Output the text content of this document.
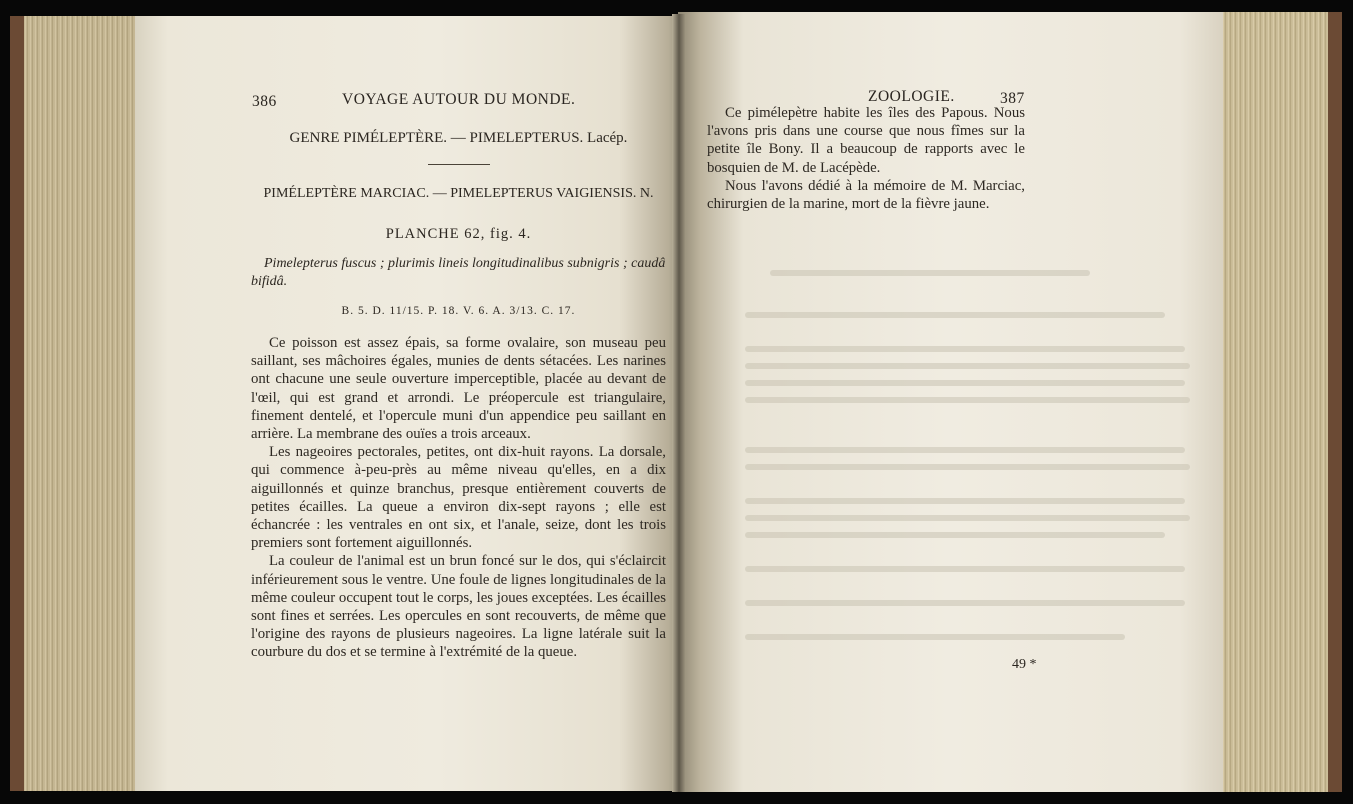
386	VOYAGE AUTOUR DU MONDE.
GENRE PIMÉLEPTÈRE. — PIMELEPTERUS. Lacép.
PIMÉLEPTÈRE MARCIAC. — PIMELEPTERUS VAIGIENSIS. N.
PLANCHE 62, fig. 4.
Pimelepterus fuscus ; plurimis lineis longitudinalibus subnigris ; caudâ
bifidâ.
B. 5. D. 11/15. P. 18. V. 6. A. 3/13. C. 17.

Ce poisson est assez épais, sa forme ovalaire, son museau peu saillant, ses mâchoires égales, munies de dents sétacées. Les narines ont chacune une seule ouverture imperceptible, placée au devant de l'œil, qui est grand et arrondi. Le préopercule est triangulaire, finement dentelé, et l'opercule muni d'un appendice peu saillant en arrière. La membrane des ouïes a trois arceaux.

Les nageoires pectorales, petites, ont dix-huit rayons. La dorsale, qui commence à-peu-près au même niveau qu'elles, en a dix aiguillonnés et quinze branchus, presque entièrement couverts de petites écailles. La queue a environ dix-sept rayons ; elle est échancrée : les ventrales en ont six, et l'anale, seize, dont les trois premiers sont fortement aiguillonnés.

La couleur de l'animal est un brun foncé sur le dos, qui s'éclaircit inférieurement sous le ventre. Une foule de lignes longitudinales de la même couleur occupent tout le corps, les joues exceptées. Les écailles sont fines et serrées. Les opercules en sont recouverts, de même que l'origine des rayons de plusieurs nageoires. La ligne latérale suit la courbure du dos et se termine à l'extrémité de la queue.

ZOOLOGIE.	387

Ce pimélepètre habite les îles des Papous. Nous l'avons pris dans une course que nous fîmes sur la petite île Bony. Il a beaucoup de rapports avec le bosquien de M. de Lacépède.

Nous l'avons dédié à la mémoire de M. Marciac, chirurgien de la marine, mort de la fièvre jaune.

49 *
